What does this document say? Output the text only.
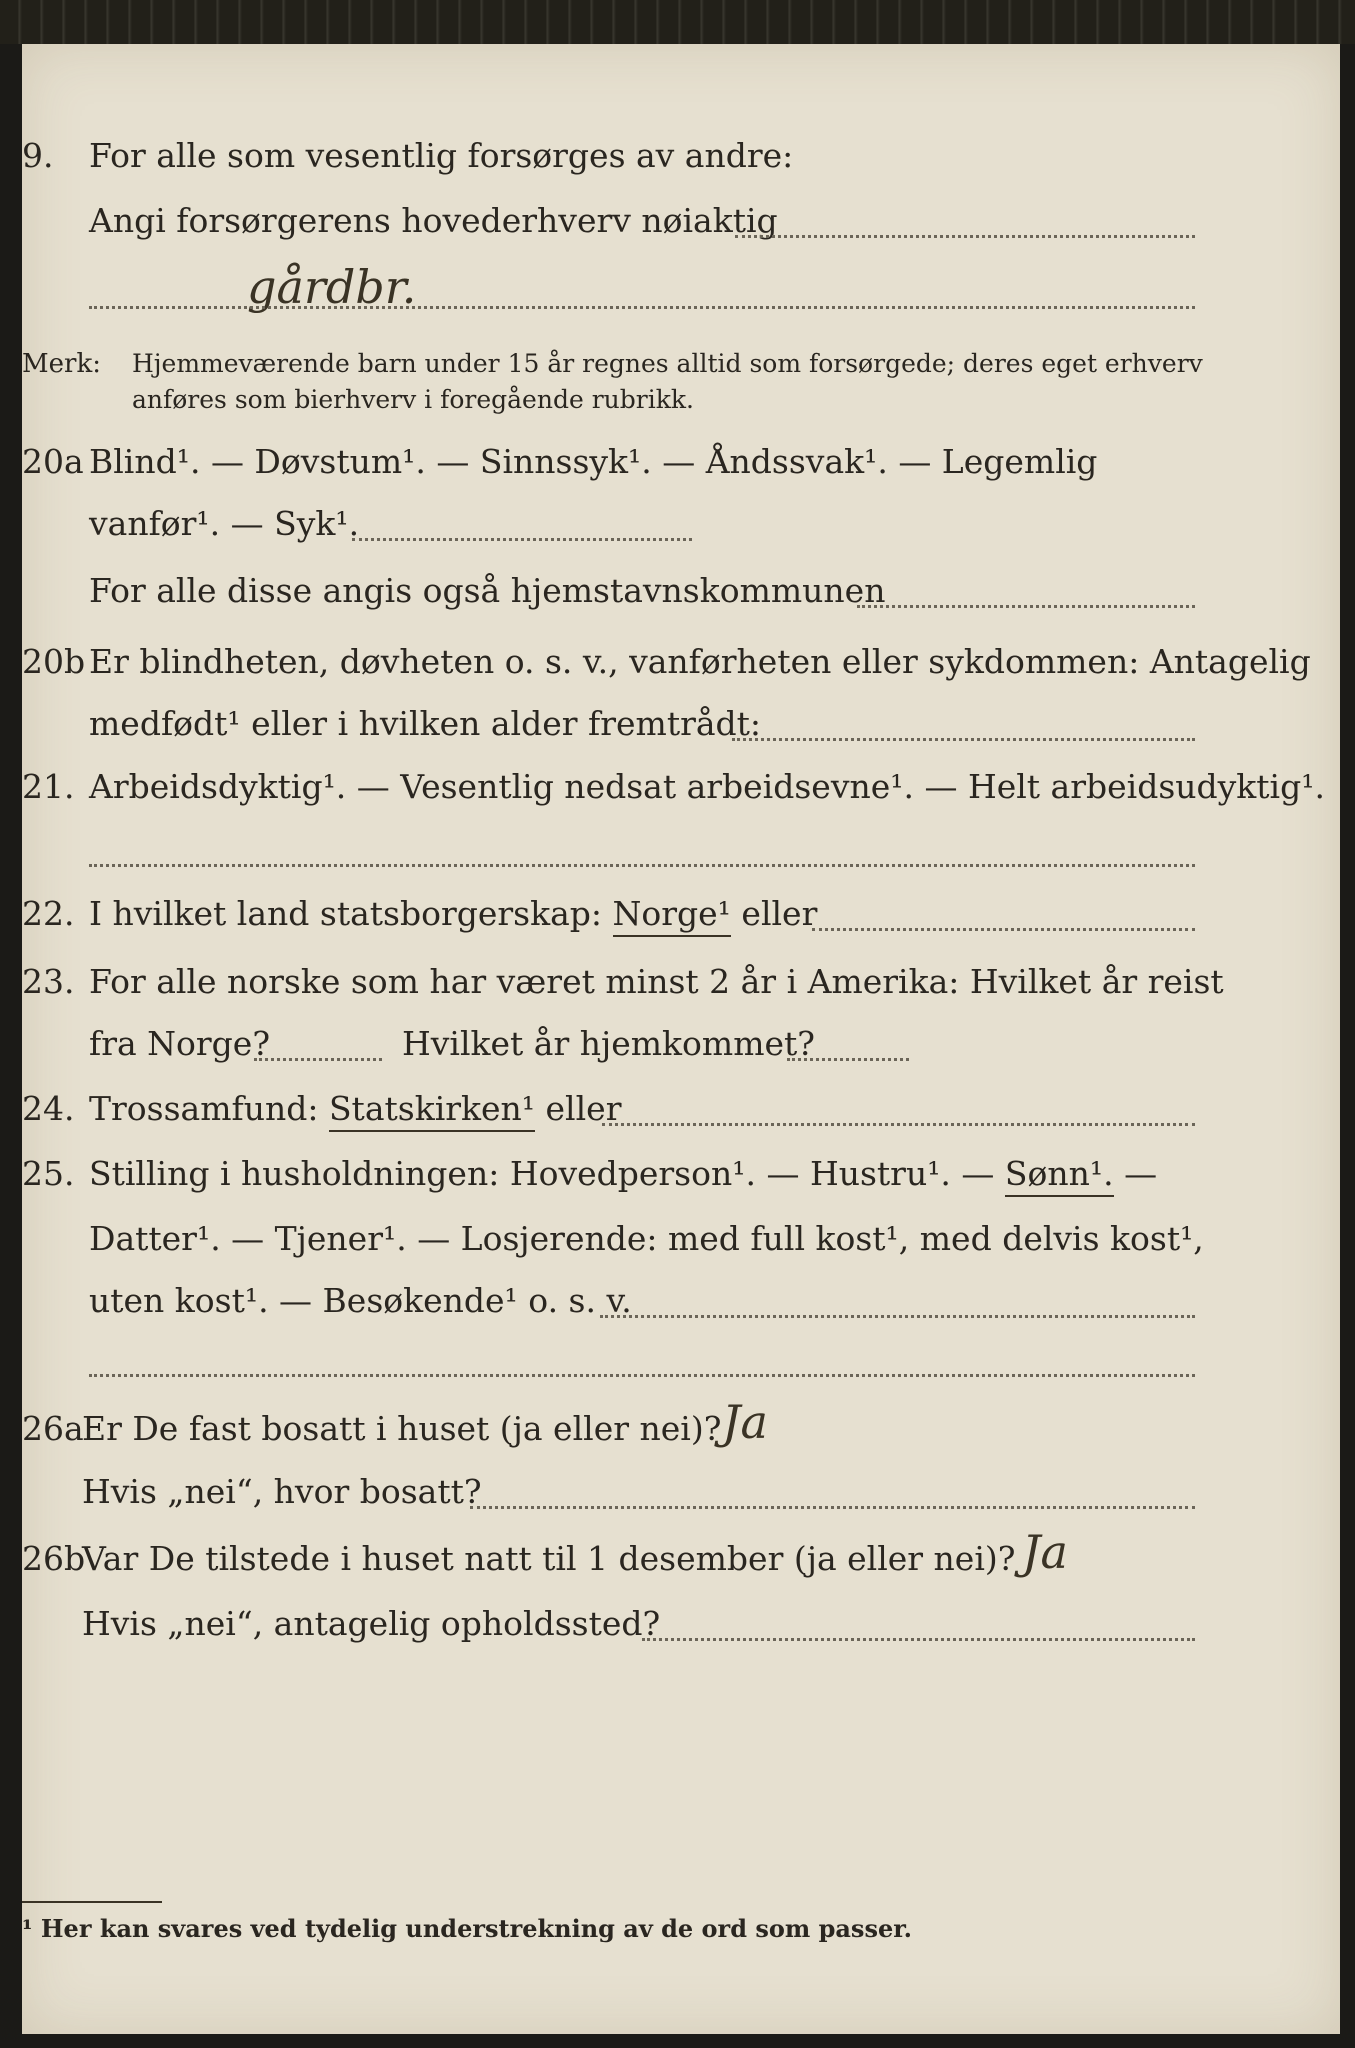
9. For alle som vesentlig forsørges av andre:
Angi forsørgerens hovederhverv nøiaktig
gårdbr.
Merk: Hjemmeværende barn under 15 år regnes alltid som forsørgede; deres eget erhverv
anføres som bierhverv i foregående rubrikk.
20a Blind¹. — Døvstum¹. — Sinnssyk¹. — Åndssvak¹. — Legemlig
vanfør¹. — Syk¹.
For alle disse angis også hjemstavnskommunen
20b Er blindheten, døvheten o. s. v., vanførheten eller sykdommen: Antagelig
medfødt¹ eller i hvilken alder fremtrådt:
21. Arbeidsdyktig¹. — Vesentlig nedsat arbeidsevne¹. — Helt arbeidsudyktig¹.
22. I hvilket land statsborgerskap: Norge¹ eller
23. For alle norske som har været minst 2 år i Amerika: Hvilket år reist
fra Norge?	Hvilket år hjemkommet?
24. Trossamfund: Statskirken¹ eller
25. Stilling i husholdningen: Hovedperson¹. — Hustru¹. — Sønn¹. —
Datter¹. — Tjener¹. — Losjerende: med full kost¹, med delvis kost¹,
uten kost¹. — Besøkende¹ o. s. v.
26a
Er De fast bosatt i huset (ja eller nei)? Ja
Hvis „nei“, hvor bosatt?
26b
Var De tilstede i huset natt til 1 desember (ja eller nei)? Ja
Hvis „nei“, antagelig opholdssted?
¹ Her kan svares ved tydelig understrekning av de ord som passer.
